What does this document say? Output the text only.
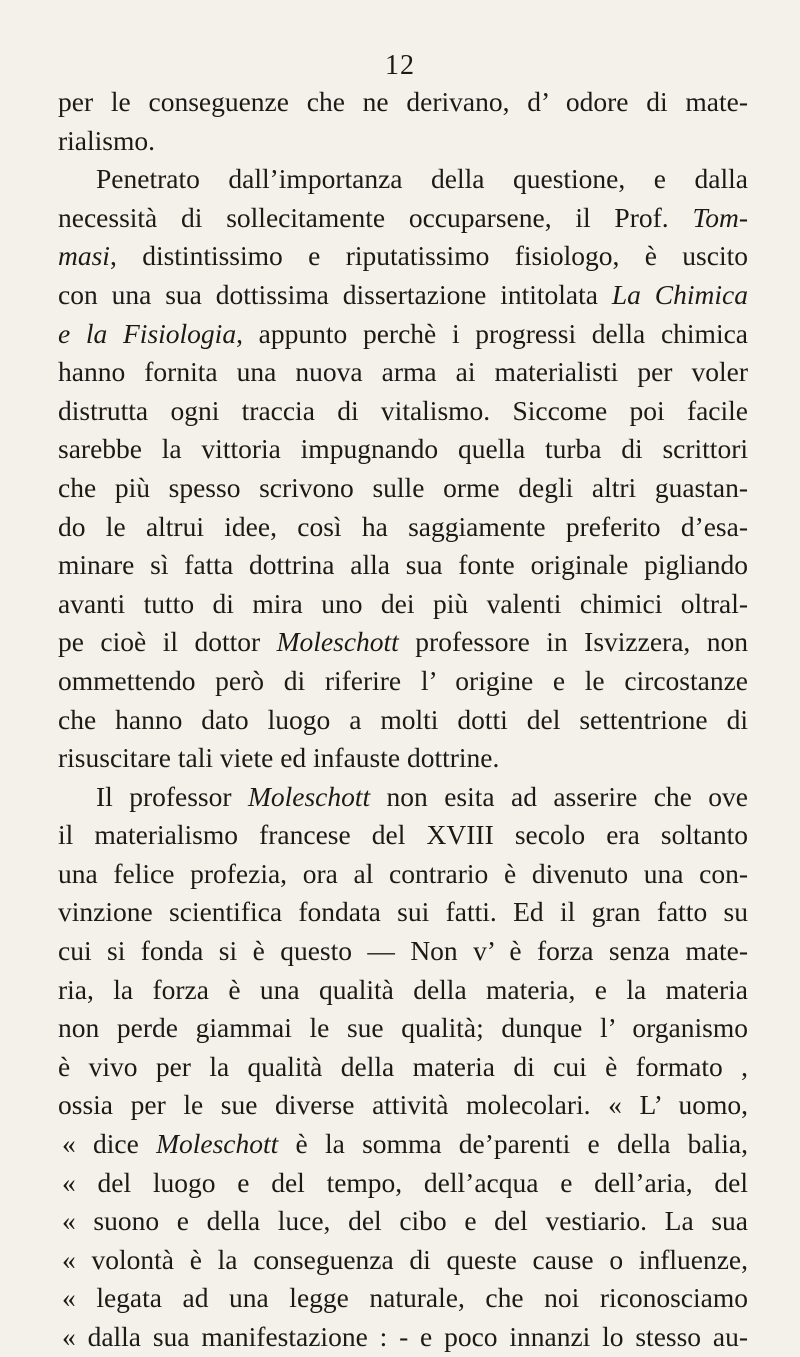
12
per le conseguenze che ne derivano, d’ odore di mate-
rialismo.
Penetrato dall’importanza della questione, e dalla
necessità di sollecitamente occuparsene, il Prof. Tom-
masi, distintissimo e riputatissimo fisiologo, è uscito
con una sua dottissima dissertazione intitolata La Chimica
e la Fisiologia, appunto perchè i progressi della chimica
hanno fornita una nuova arma ai materialisti per voler
distrutta ogni traccia di vitalismo. Siccome poi facile
sarebbe la vittoria impugnando quella turba di scrittori
che più spesso scrivono sulle orme degli altri guastan-
do le altrui idee, così ha saggiamente preferito d’esa-
minare sì fatta dottrina alla sua fonte originale pigliando
avanti tutto di mira uno dei più valenti chimici oltral-
pe cioè il dottor Moleschott professore in Isvizzera, non
ommettendo però di riferire l’ origine e le circostanze
che hanno dato luogo a molti dotti del settentrione di
risuscitare tali viete ed infauste dottrine.
Il professor Moleschott non esita ad asserire che ove
il materialismo francese del XVIII secolo era soltanto
una felice profezia, ora al contrario è divenuto una con-
vinzione scientifica fondata sui fatti. Ed il gran fatto su
cui si fonda si è questo — Non v’ è forza senza mate-
ria, la forza è una qualità della materia, e la materia
non perde giammai le sue qualità; dunque l’ organismo
è vivo per la qualità della materia di cui è formato ,
ossia per le sue diverse attività molecolari. « L’ uomo,
« dice Moleschott è la somma de’parenti e della balia,
« del luogo e del tempo, dell’acqua e dell’aria, del
« suono e della luce, del cibo e del vestiario. La sua
« volontà è la conseguenza di queste cause o influenze,
« legata ad una legge naturale, che noi riconosciamo
« dalla sua manifestazione : - e poco innanzi lo stesso au-
